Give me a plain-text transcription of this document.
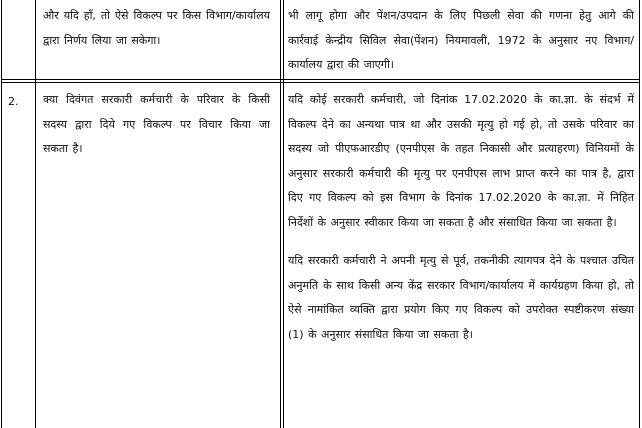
और यदि हाँ, तो ऐसे विकल्प पर किस विभाग/कार्यालय द्वारा निर्णय लिया जा सकेगा।

भी लागू होगा और पेंशन/उपदान के लिए पिछली सेवा की गणना हेतु आगे की कार्रवाई केन्द्रीय सिविल सेवा(पेंशन) नियमावली, 1972 के अनुसार नए विभाग/कार्यालय द्वारा की जाएगी।

2. क्या दिवंगत सरकारी कर्मचारी के परिवार के किसी सदस्य द्वारा दिये गए विकल्प पर विचार किया जा सकता है।

यदि कोई सरकारी कर्मचारी, जो दिनांक 17.02.2020 के का.ज्ञा. के संदर्भ में विकल्प देने का अन्यथा पात्र था और उसकी मृत्यु हो गई हो, तो उसके परिवार का सदस्य जो पीएफआरडीए (एनपीएस के तहत निकासी और प्रत्याहरण) विनियमों के अनुसार सरकारी कर्मचारी की मृत्यु पर एनपीएस लाभ प्राप्त करने का पात्र है, द्वारा दिए गए विकल्प को इस विभाग के दिनांक 17.02.2020 के का.ज्ञा. में निहित निर्देशों के अनुसार स्वीकार किया जा सकता है और संसाधित किया जा सकता है।

यदि सरकारी कर्मचारी ने अपनी मृत्यु से पूर्व, तकनीकी त्यागपत्र देने के पश्चात उचित अनुमति के साथ किसी अन्य केंद्र सरकार विभाग/कार्यालय में कार्यग्रहण किया हो, तो ऐसे नामांकित व्यक्ति द्वारा प्रयोग किए गए विकल्प को उपरोक्त स्पष्टीकरण संख्या (1) के अनुसार संसाधित किया जा सकता है।
